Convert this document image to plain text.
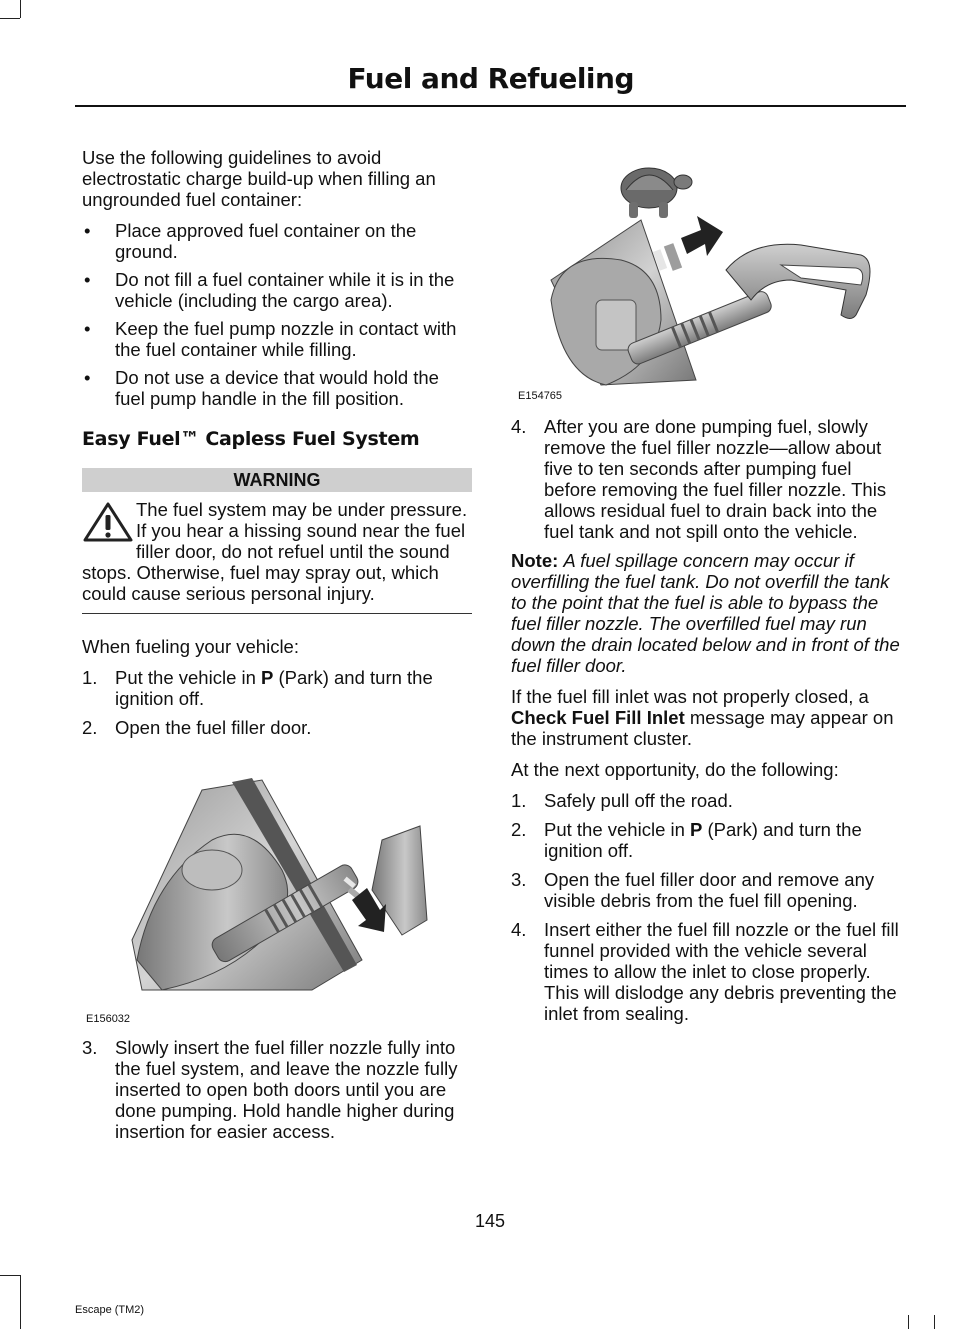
Fuel and Refueling

Use the following guidelines to avoid electrostatic charge build-up when filling an ungrounded fuel container:

• Place approved fuel container on the ground.
• Do not fill a fuel container while it is in the vehicle (including the cargo area).
• Keep the fuel pump nozzle in contact with the fuel container while filling.
• Do not use a device that would hold the fuel pump handle in the fill position.
Easy Fuel™ Capless Fuel System
WARNING
The fuel system may be under pressure. If you hear a hissing sound near the fuel filler door, do not refuel until the sound stops. Otherwise, fuel may spray out, which could cause serious personal injury.

When fueling your vehicle:

1. Put the vehicle in P (Park) and turn the ignition off.
2. Open the fuel filler door.
E156032
3. Slowly insert the fuel filler nozzle fully into the fuel system, and leave the nozzle fully inserted to open both doors until you are done pumping. Hold handle higher during insertion for easier access.
E154765
4. After you are done pumping fuel, slowly remove the fuel filler nozzle—allow about five to ten seconds after pumping fuel before removing the fuel filler nozzle. This allows residual fuel to drain back into the fuel tank and not spill onto the vehicle.

Note: A fuel spillage concern may occur if overfilling the fuel tank. Do not overfill the tank to the point that the fuel is able to bypass the fuel filler nozzle. The overfilled fuel may run down the drain located below and in front of the fuel filler door.

If the fuel fill inlet was not properly closed, a Check Fuel Fill Inlet message may appear on the instrument cluster.

At the next opportunity, do the following:

1. Safely pull off the road.
2. Put the vehicle in P (Park) and turn the ignition off.
3. Open the fuel filler door and remove any visible debris from the fuel fill opening.
4. Insert either the fuel fill nozzle or the fuel fill funnel provided with the vehicle several times to allow the inlet to close properly. This will dislodge any debris preventing the inlet from sealing.
145
Escape (TM2)
